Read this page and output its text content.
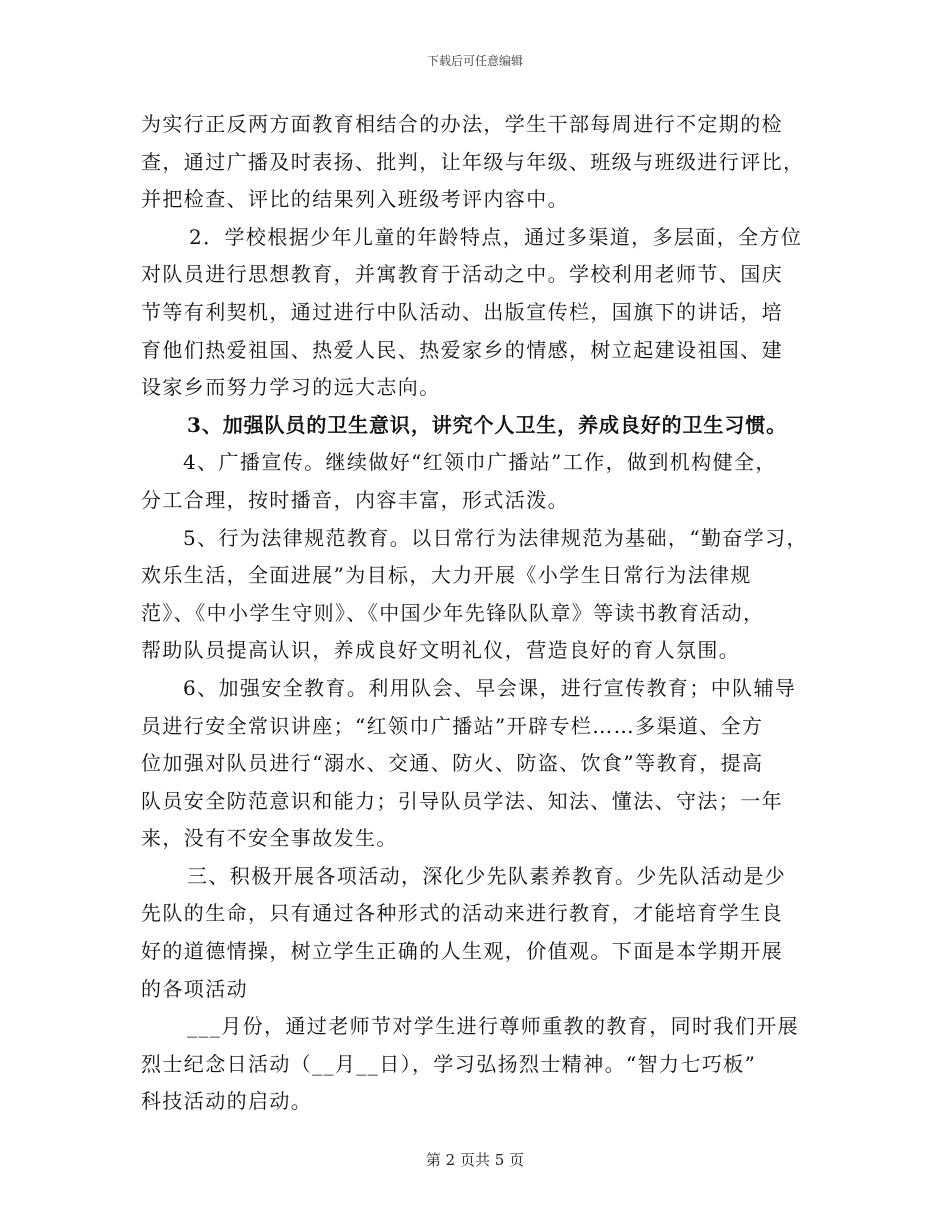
下载后可任意编辑
为实行正反两方面教育相结合的办法，学生干部每周进行不定期的检
查，通过广播及时表扬、批判，让年级与年级、班级与班级进行评比，
并把检查、评比的结果列入班级考评内容中。
2．学校根据少年儿童的年龄特点，通过多渠道，多层面，全方位
对队员进行思想教育，并寓教育于活动之中。学校利用老师节、国庆
节等有利契机，通过进行中队活动、出版宣传栏，国旗下的讲话，培
育他们热爱祖国、热爱人民、热爱家乡的情感，树立起建设祖国、建
设家乡而努力学习的远大志向。
3、加强队员的卫生意识，讲究个人卫生，养成良好的卫生习惯。
4、广播宣传。继续做好“红领巾广播站”工作，做到机构健全，
分工合理，按时播音，内容丰富，形式活泼。
5、行为法律规范教育。以日常行为法律规范为基础，“勤奋学习，
欢乐生活，全面进展”为目标，大力开展《小学生日常行为法律规
范》、《中小学生守则》、《中国少年先锋队队章》等读书教育活动，
帮助队员提高认识，养成良好文明礼仪，营造良好的育人氛围。
6、加强安全教育。利用队会、早会课，进行宣传教育；中队辅导
员进行安全常识讲座；“红领巾广播站”开辟专栏……多渠道、全方
位加强对队员进行“溺水、交通、防火、防盗、饮食”等教育，提高
队员安全防范意识和能力；引导队员学法、知法、懂法、守法；一年
来，没有不安全事故发生。
三、积极开展各项活动，深化少先队素养教育。少先队活动是少
先队的生命，只有通过各种形式的活动来进行教育，才能培育学生良
好的道德情操，树立学生正确的人生观，价值观。下面是本学期开展
的各项活动
___月份，通过老师节对学生进行尊师重教的教育，同时我们开展
烈士纪念日活动（__月__日），学习弘扬烈士精神。“智力七巧板”
科技活动的启动。
第 2 页共 5 页
